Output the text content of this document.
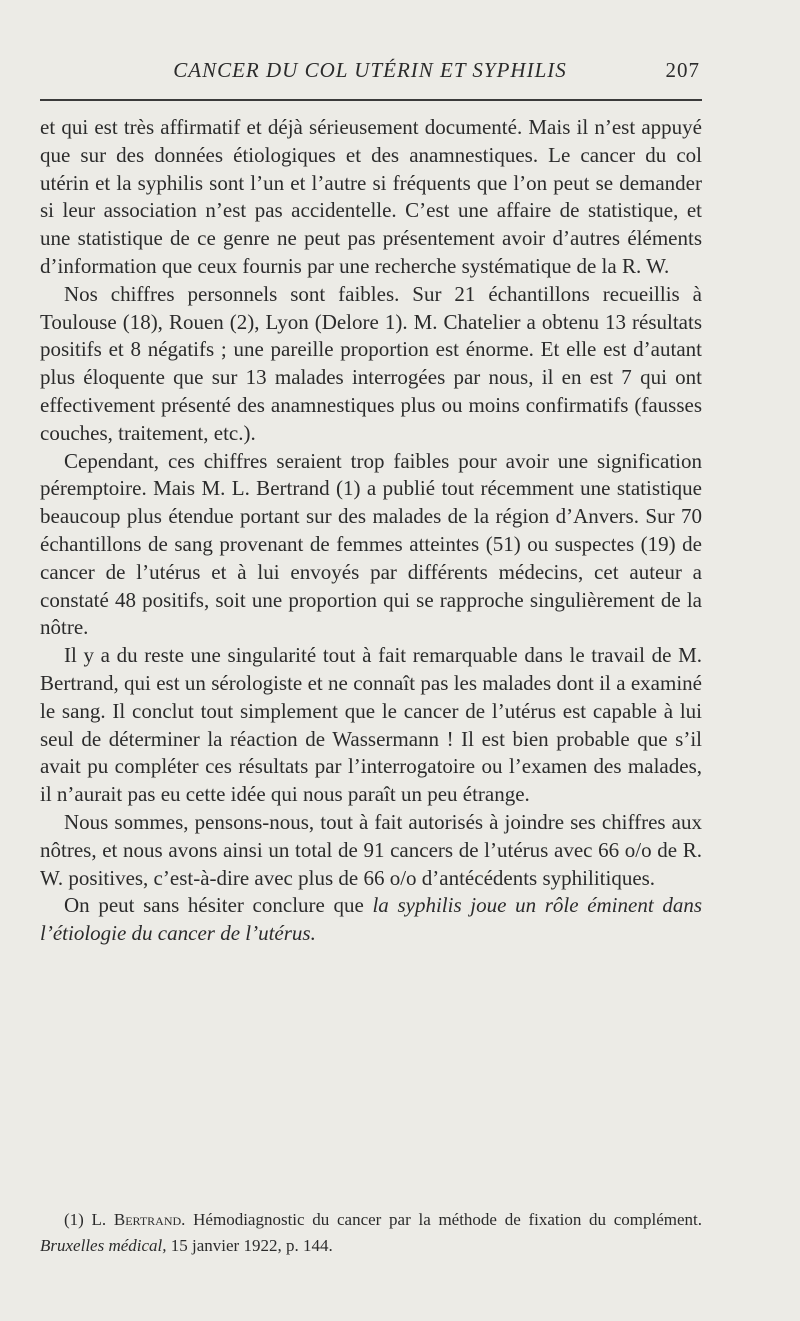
CANCER DU COL UTÉRIN ET SYPHILIS	207

et qui est très affirmatif et déjà sérieusement documenté. Mais il n’est appuyé que sur des données étiologiques et des anamnestiques. Le cancer du col utérin et la syphilis sont l’un et l’autre si fréquents que l’on peut se demander si leur association n’est pas accidentelle. C’est une affaire de statistique, et une statistique de ce genre ne peut pas présentement avoir d’autres éléments d’information que ceux fournis par une recherche systématique de la R. W.

Nos chiffres personnels sont faibles. Sur 21 échantillons recueillis à Toulouse (18), Rouen (2), Lyon (Delore 1). M. Chatelier a obtenu 13 résultats positifs et 8 négatifs ; une pareille proportion est énorme. Et elle est d’autant plus éloquente que sur 13 malades interrogées par nous, il en est 7 qui ont effectivement présenté des anamnestiques plus ou moins confirmatifs (fausses couches, traitement, etc.).

Cependant, ces chiffres seraient trop faibles pour avoir une signification péremptoire. Mais M. L. Bertrand (1) a publié tout récemment une statistique beaucoup plus étendue portant sur des malades de la région d’Anvers. Sur 70 échantillons de sang provenant de femmes atteintes (51) ou suspectes (19) de cancer de l’utérus et à lui envoyés par différents médecins, cet auteur a constaté 48 positifs, soit une proportion qui se rapproche singulièrement de la nôtre.

Il y a du reste une singularité tout à fait remarquable dans le travail de M. Bertrand, qui est un sérologiste et ne connaît pas les malades dont il a examiné le sang. Il conclut tout simplement que le cancer de l’utérus est capable à lui seul de déterminer la réaction de Wassermann ! Il est bien probable que s’il avait pu compléter ces résultats par l’interrogatoire ou l’examen des malades, il n’aurait pas eu cette idée qui nous paraît un peu étrange.

Nous sommes, pensons-nous, tout à fait autorisés à joindre ses chiffres aux nôtres, et nous avons ainsi un total de 91 cancers de l’utérus avec 66 o/o de R. W. positives, c’est-à-dire avec plus de 66 o/o d’antécédents syphilitiques.

On peut sans hésiter conclure que la syphilis joue un rôle éminent dans l’étiologie du cancer de l’utérus.

(1) L. Bertrand. Hémodiagnostic du cancer par la méthode de fixation du complément. Bruxelles médical, 15 janvier 1922, p. 144.
